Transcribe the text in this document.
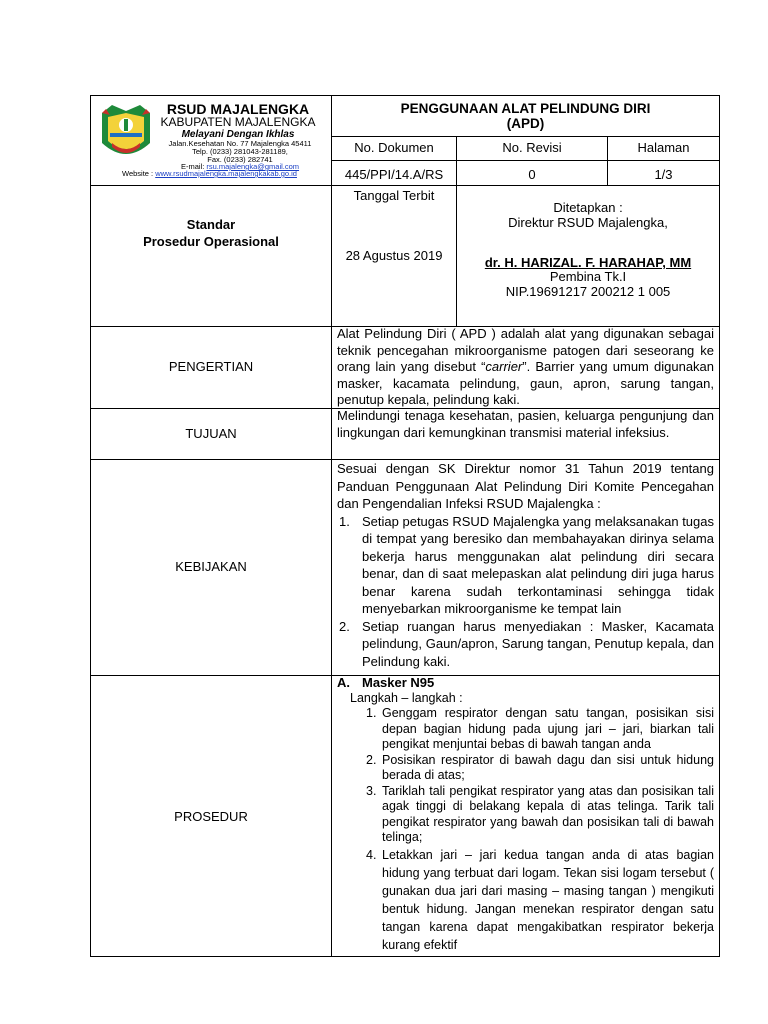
RSUD MAJALENGKA
KABUPATEN MAJALENGKA
Melayani Dengan Ikhlas
Jalan.Kesehatan No. 77 Majalengka 45411
Telp. (0233) 281043-281189,
Fax. (0233) 282741
E-mail: rsu.majalengka@gmail.com
Website : www.rsudmajalengka.majalengkakab.go.id

PENGGUNAAN ALAT PELINDUNG DIRI

(APD)

No. Dokumen	No. Revisi	Halaman
445/PPI/14.A/RS	0	1/3

Standar

Prosedur Operasional

Tanggal Terbit
28 Agustus 2019
Ditetapkan :
Direktur RSUD Majalengka,
dr. H. HARIZAL. F. HARAHAP, MM
Pembina Tk.I
NIP.19691217 200212 1 005
PENGERTIAN
Alat Pelindung Diri ( APD ) adalah alat yang digunakan sebagai teknik pencegahan mikroorganisme patogen dari seseorang ke orang lain yang disebut “carrier”. Barrier yang umum digunakan masker, kacamata pelindung, gaun, apron, sarung tangan, penutup kepala, pelindung kaki.
TUJUAN
Melindungi tenaga kesehatan, pasien, keluarga pengunjung dan lingkungan dari kemungkinan transmisi material infeksius.
KEBIJAKAN

Sesuai dengan SK Direktur nomor 31 Tahun 2019 tentang Panduan Penggunaan Alat Pelindung Diri Komite Pencegahan dan Pengendalian Infeksi RSUD Majalengka :

1. Setiap petugas RSUD Majalengka yang melaksanakan tugas di tempat yang beresiko dan membahayakan dirinya selama bekerja harus menggunakan alat pelindung diri secara benar, dan di saat melepaskan alat pelindung diri juga harus benar karena sudah terkontaminasi sehingga tidak menyebarkan mikroorganisme ke tempat lain
2. Setiap ruangan harus menyediakan : Masker, Kacamata pelindung, Gaun/apron, Sarung tangan, Penutup kepala, dan Pelindung kaki.
PROSEDUR

A. Masker N95

Langkah – langkah :

1. Genggam respirator dengan satu tangan, posisikan sisi depan bagian hidung pada ujung jari – jari, biarkan tali pengikat menjuntai bebas di bawah tangan anda
2. Posisikan respirator di bawah dagu dan sisi untuk hidung berada di atas;
3. Tariklah tali pengikat respirator yang atas dan posisikan tali agak tinggi di belakang kepala di atas telinga. Tarik tali pengikat respirator yang bawah dan posisikan tali di bawah telinga;
4. Letakkan jari – jari kedua tangan anda di atas bagian hidung yang terbuat dari logam. Tekan sisi logam tersebut ( gunakan dua jari dari masing – masing tangan ) mengikuti bentuk hidung. Jangan menekan respirator dengan satu tangan karena dapat mengakibatkan respirator bekerja kurang efektif
